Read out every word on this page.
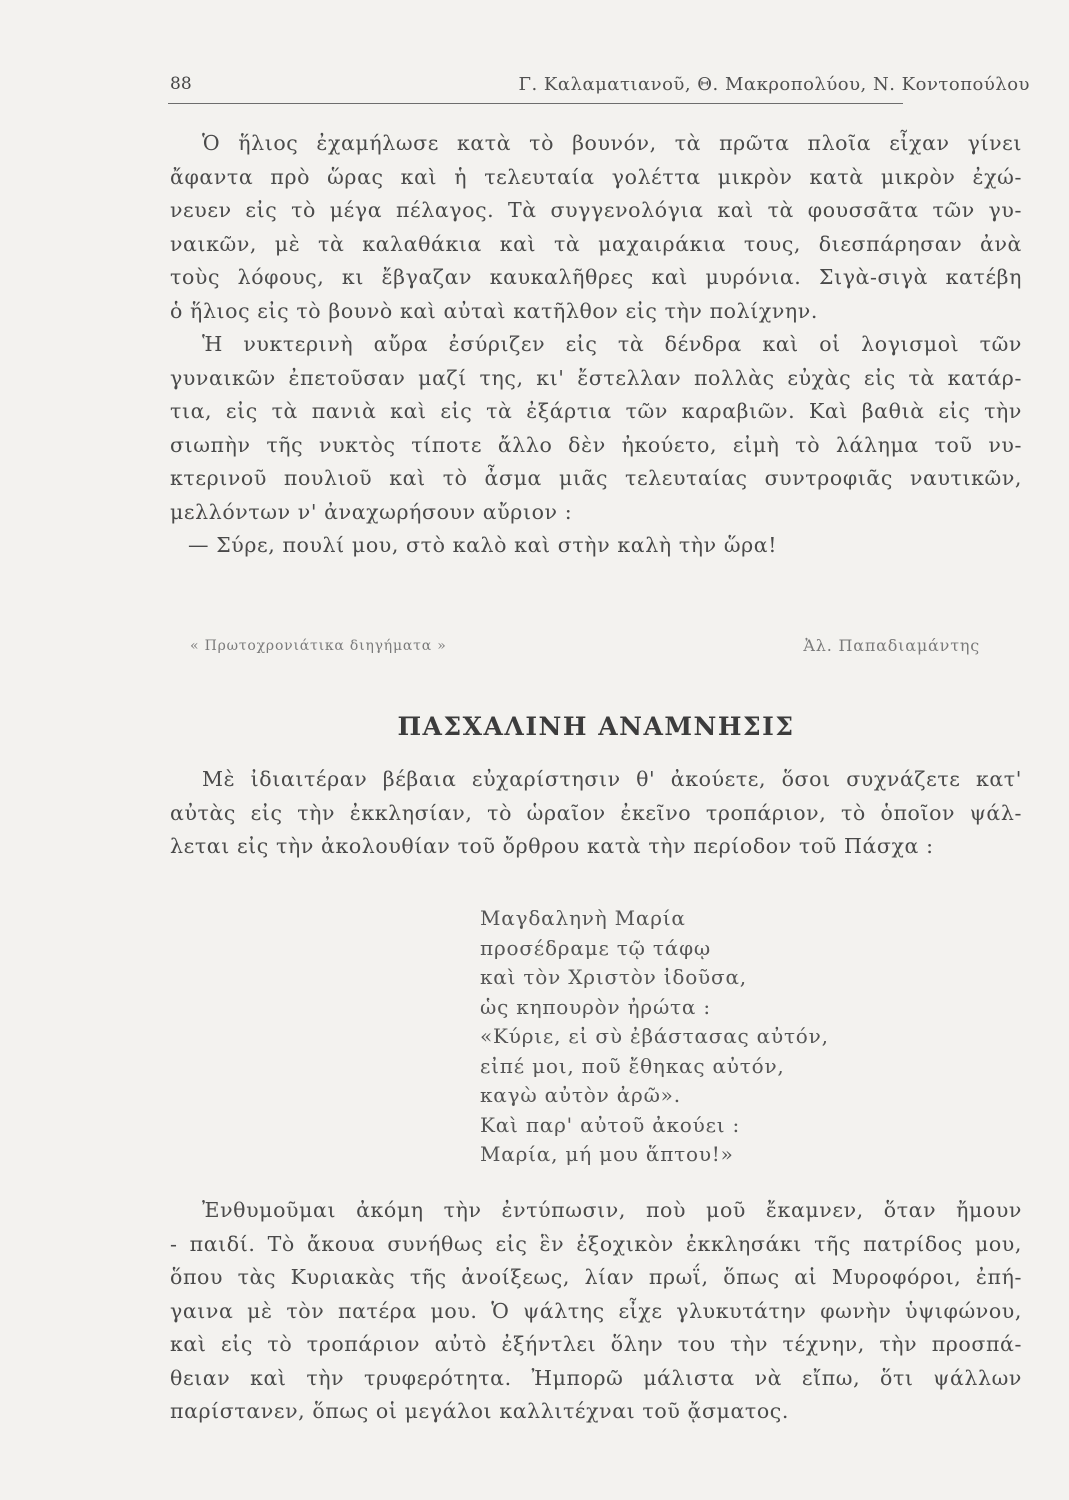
88	Γ. Καλαματιανοῦ, Θ. Μακροπολύου, Ν. Κοντοπούλου
Ὁ ἥλιος ἐχαμήλωσε κατὰ τὸ βουνόν, τὰ πρῶτα πλοῖα εἶχαν γίνει
ἄφαντα πρὸ ὥρας καὶ ἡ τελευταία γολέττα μικρὸν κατὰ μικρὸν ἐχώ-
νευεν εἰς τὸ μέγα πέλαγος. Τὰ συγγενολόγια καὶ τὰ φουσσᾶτα τῶν γυ-
ναικῶν, μὲ τὰ καλαθάκια καὶ τὰ μαχαιράκια τους, διεσπάρησαν ἀνὰ
τοὺς λόφους, κι ἔβγαζαν καυκαλῆθρες καὶ μυρόνια. Σιγὰ-σιγὰ κατέβη
ὁ ἥλιος εἰς τὸ βουνὸ καὶ αὐταὶ κατῆλθον εἰς τὴν πολίχνην.
Ἡ νυκτερινὴ αὔρα ἐσύριζεν εἰς τὰ δένδρα καὶ οἱ λογισμοὶ τῶν
γυναικῶν ἐπετοῦσαν μαζί της, κι' ἔστελλαν πολλὰς εὐχὰς εἰς τὰ κατάρ-
τια, εἰς τὰ πανιὰ καὶ εἰς τὰ ἐξάρτια τῶν καραβιῶν. Καὶ βαθιὰ εἰς τὴν
σιωπὴν τῆς νυκτὸς τίποτε ἄλλο δὲν ἠκούετο, εἰμὴ τὸ λάλημα τοῦ νυ-
κτερινοῦ πουλιοῦ καὶ τὸ ἆσμα μιᾶς τελευταίας συντροφιᾶς ναυτικῶν,
μελλόντων ν' ἀναχωρήσουν αὔριον :
— Σύρε, πουλί μου, στὸ καλὸ καὶ στὴν καλὴ τὴν ὥρα!
« Πρωτοχρονιάτικα διηγήματα »	Ἀλ. Παπαδιαμάντης
ΠΑΣΧΑΛΙΝΗ ΑΝΑΜΝΗΣΙΣ
Μὲ ἰδιαιτέραν βέβαια εὐχαρίστησιν θ' ἀκούετε, ὅσοι συχνάζετε κατ'
αὐτὰς εἰς τὴν ἐκκλησίαν, τὸ ὡραῖον ἐκεῖνο τροπάριον, τὸ ὁποῖον ψάλ-
λεται εἰς τὴν ἀκολουθίαν τοῦ ὄρθρου κατὰ τὴν περίοδον τοῦ Πάσχα :
Μαγδαληνὴ Μαρία
προσέδραμε τῷ τάφῳ
καὶ τὸν Χριστὸν ἰδοῦσα,
ὡς κηπουρὸν ἠρώτα :
«Κύριε, εἰ σὺ ἐβάστασας αὐτόν,
εἰπέ μοι, ποῦ ἔθηκας αὐτόν,
καγὼ αὐτὸν ἀρῶ».
Καὶ παρ' αὐτοῦ ἀκούει :
Μαρία, μή μου ἅπτου!»
Ἐνθυμοῦμαι ἀκόμη τὴν ἐντύπωσιν, ποὺ μοῦ ἔκαμνεν, ὅταν ἤμουν
- παιδί. Τὸ ἄκουα συνήθως εἰς ἓν ἐξοχικὸν ἐκκλησάκι τῆς πατρίδος μου,
ὅπου τὰς Κυριακὰς τῆς ἀνοίξεως, λίαν πρωΐ, ὅπως αἱ Μυροφόροι, ἐπή-
γαινα μὲ τὸν πατέρα μου. Ὁ ψάλτης εἶχε γλυκυτάτην φωνὴν ὑψιφώνου,
καὶ εἰς τὸ τροπάριον αὐτὸ ἐξήντλει ὅλην του τὴν τέχνην, τὴν προσπά-
θειαν καὶ τὴν τρυφερότητα. Ἠμπορῶ μάλιστα νὰ εἴπω, ὅτι ψάλλων
παρίστανεν, ὅπως οἱ μεγάλοι καλλιτέχναι τοῦ ᾄσματος.
